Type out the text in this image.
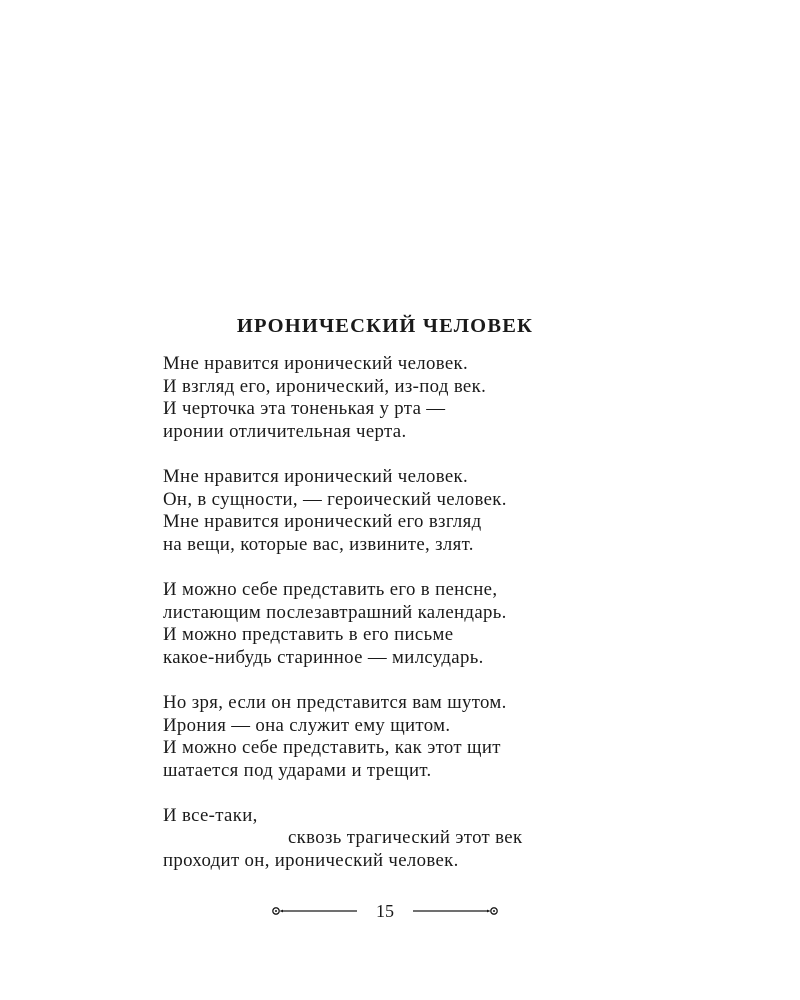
ИРОНИЧЕСКИЙ ЧЕЛОВЕК
Мне нравится иронический человек.
И взгляд его, иронический, из-под век.
И черточка эта тоненькая у рта —
иронии отличительная черта.
Мне нравится иронический человек.
Он, в сущности, — героический человек.
Мне нравится иронический его взгляд
на вещи, которые вас, извините, злят.
И можно себе представить его в пенсне,
листающим послезавтрашний календарь.
И можно представить в его письме
какое-нибудь старинное — милсударь.
Но зря, если он представится вам шутом.
Ирония — она служит ему щитом.
И можно себе представить, как этот щит
шатается под ударами и трещит.
И все-таки,
сквозь трагический этот век
проходит он, иронический человек.
15
